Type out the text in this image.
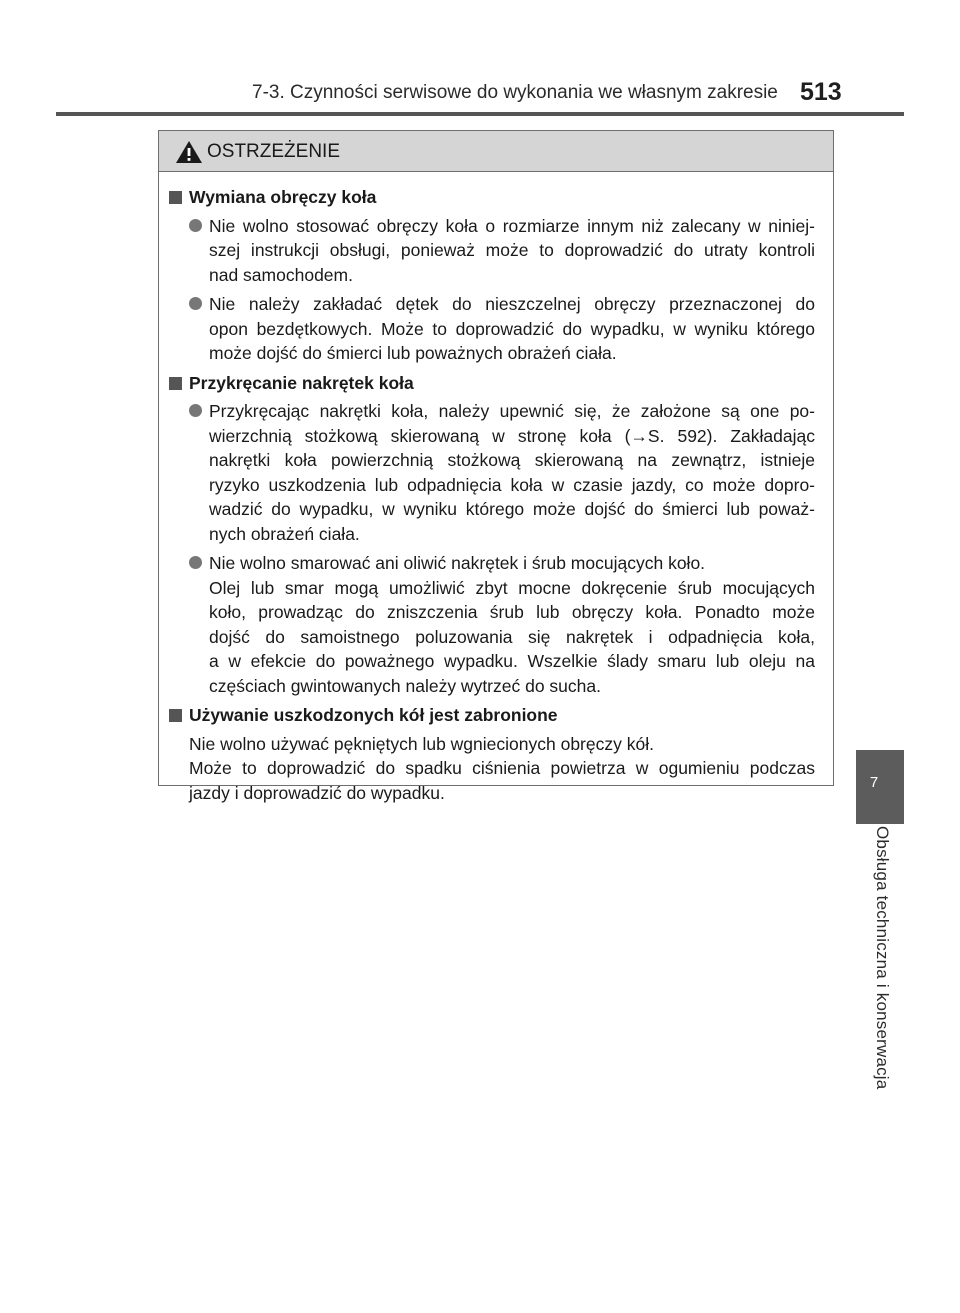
7-3. Czynności serwisowe do wykonania we własnym zakresie 513
7
Obsługa techniczna i konserwacja
OSTRZEŻENIE
Wymiana obręczy koła
Nie wolno stosować obręczy koła o rozmiarze innym niż zalecany w niniej-
szej instrukcji obsługi, ponieważ może to doprowadzić do utraty kontroli
nad samochodem.
Nie należy zakładać dętek do nieszczelnej obręczy przeznaczonej do
opon bezdętkowych. Może to doprowadzić do wypadku, w wyniku którego
może dojść do śmierci lub poważnych obrażeń ciała.
Przykręcanie nakrętek koła
Przykręcając nakrętki koła, należy upewnić się, że założone są one po-
wierzchnią stożkową skierowaną w stronę koła (→S. 592). Zakładając
nakrętki koła powierzchnią stożkową skierowaną na zewnątrz, istnieje
ryzyko uszkodzenia lub odpadnięcia koła w czasie jazdy, co może dopro-
wadzić do wypadku, w wyniku którego może dojść do śmierci lub poważ-
nych obrażeń ciała.
Nie wolno smarować ani oliwić nakrętek i śrub mocujących koło.
Olej lub smar mogą umożliwić zbyt mocne dokręcenie śrub mocujących
koło, prowadząc do zniszczenia śrub lub obręczy koła. Ponadto może
dojść do samoistnego poluzowania się nakrętek i odpadnięcia koła,
a w efekcie do poważnego wypadku. Wszelkie ślady smaru lub oleju na
częściach gwintowanych należy wytrzeć do sucha.
Używanie uszkodzonych kół jest zabronione
Nie wolno używać pękniętych lub wgniecionych obręczy kół.
Może to doprowadzić do spadku ciśnienia powietrza w ogumieniu podczas
jazdy i doprowadzić do wypadku.
